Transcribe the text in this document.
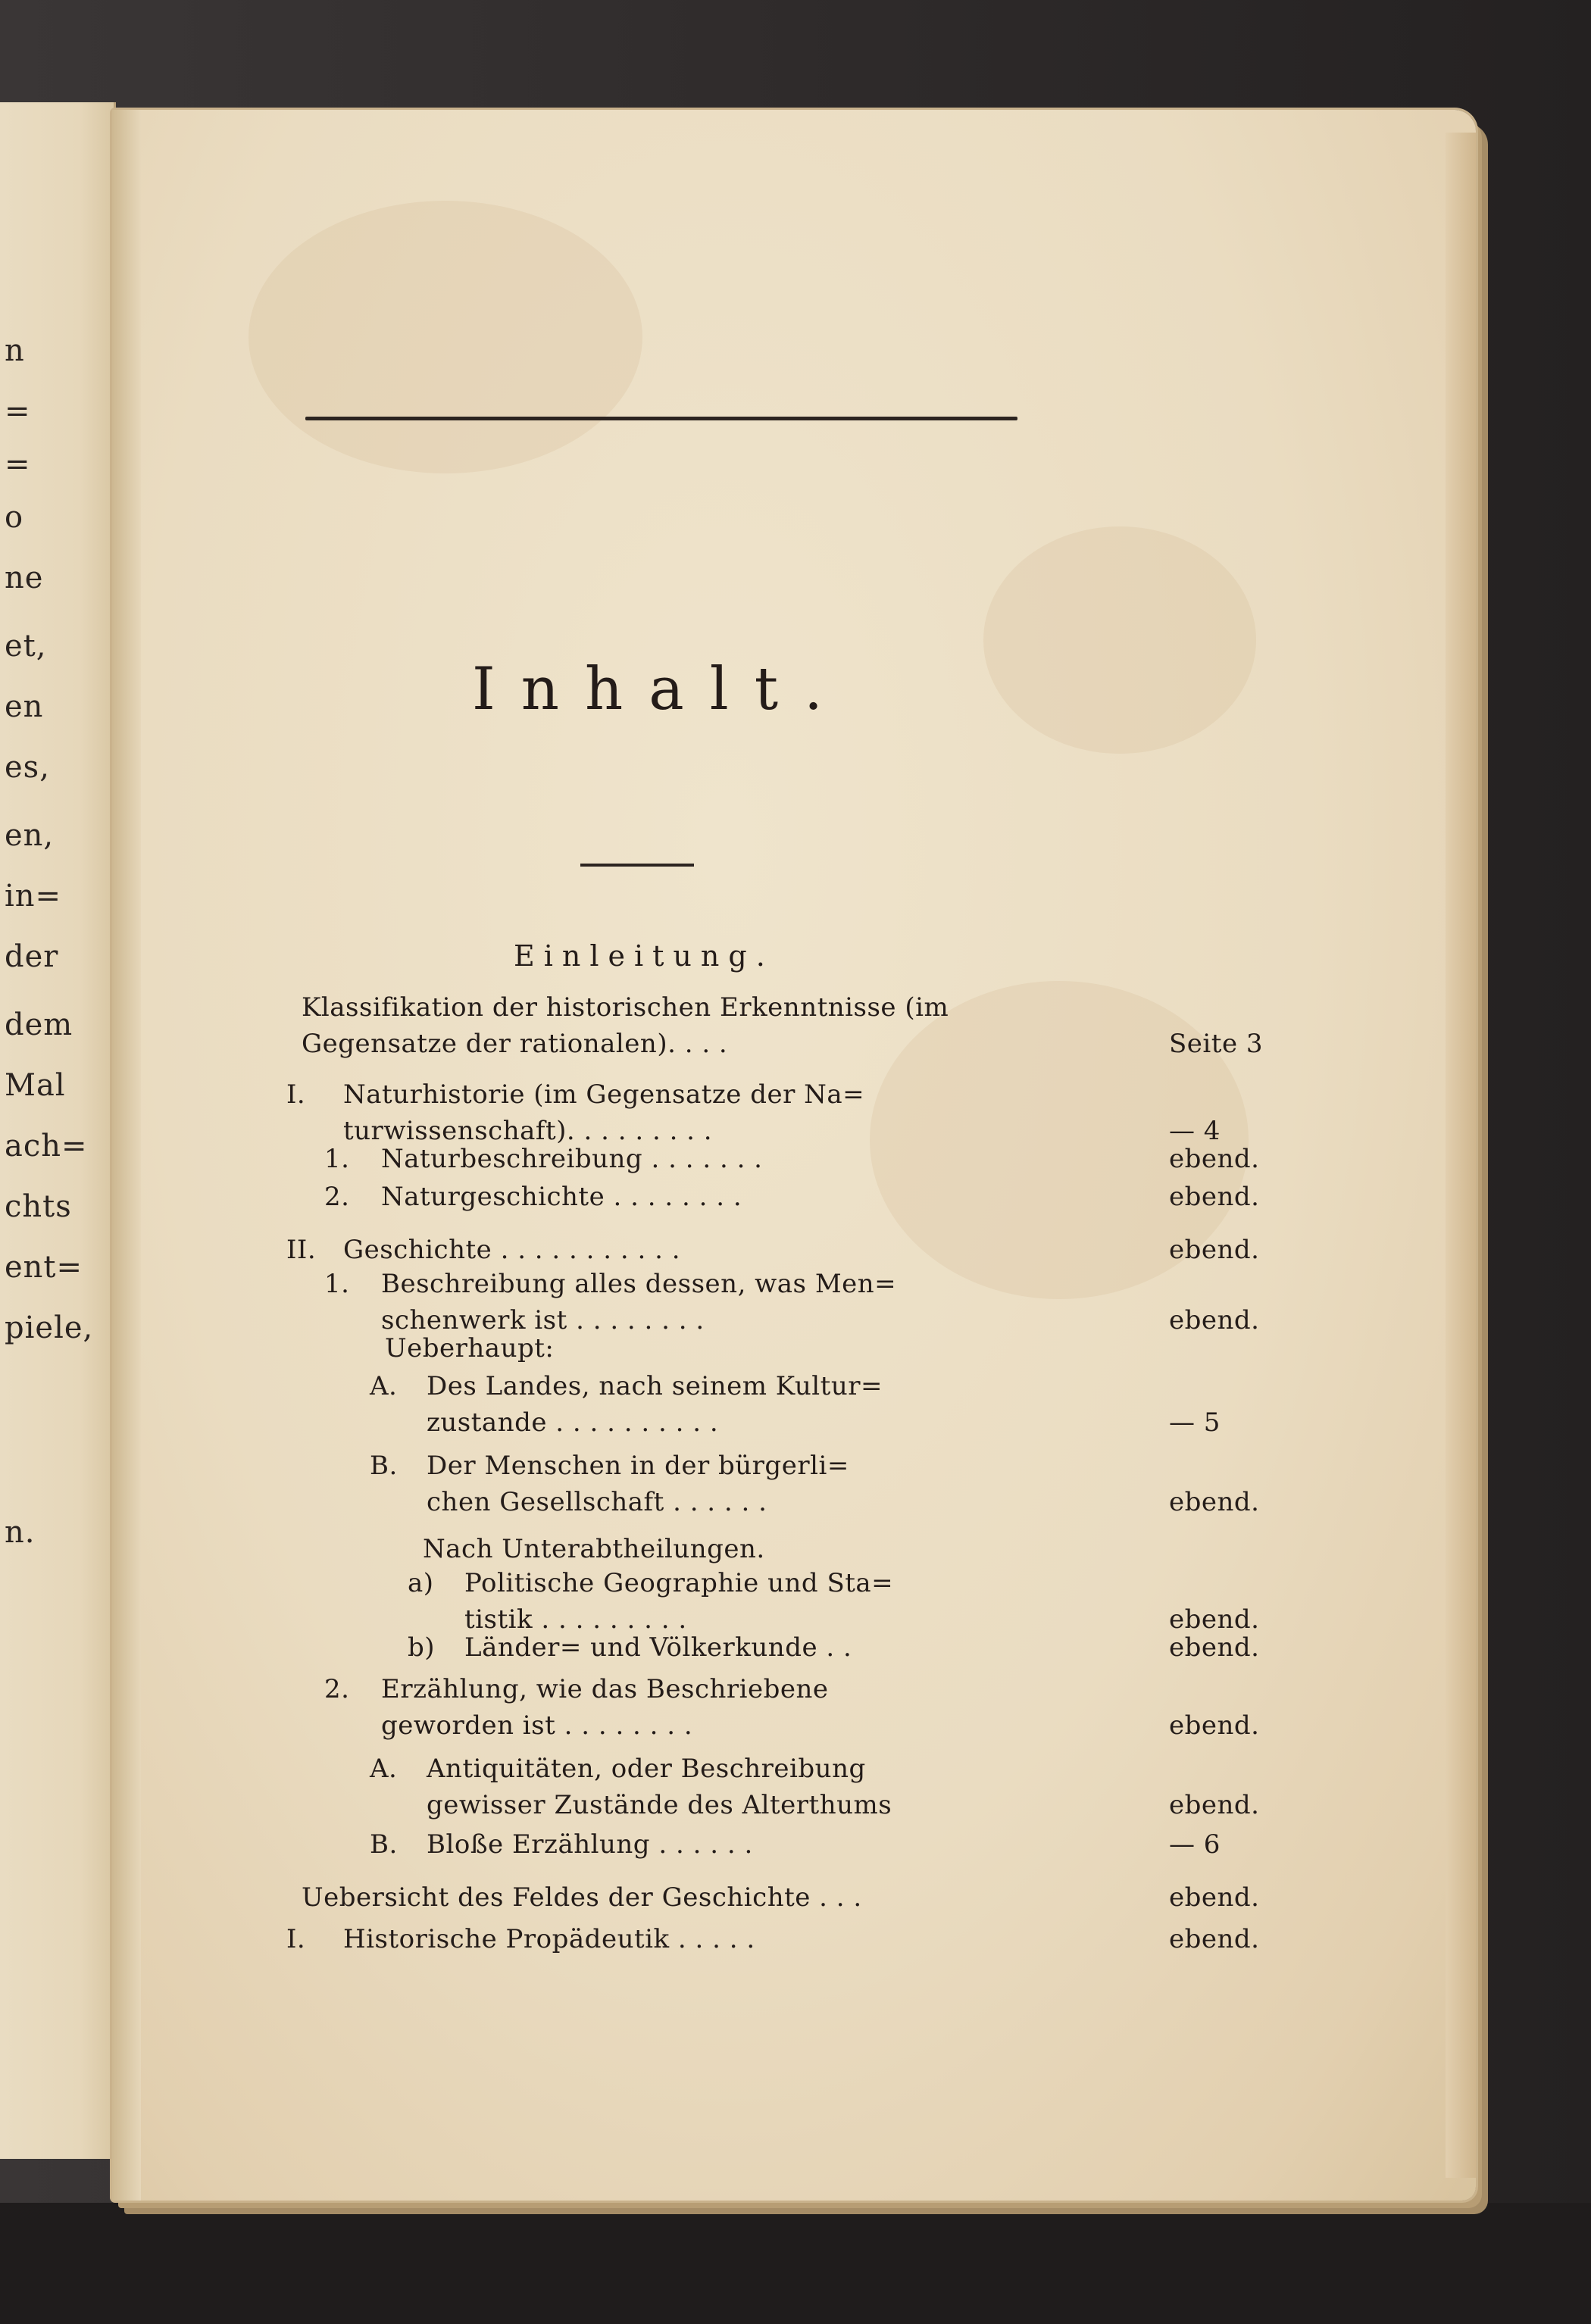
n
=
=
o
ne
et,
en
es,
en,
in=
der
dem
Mal
ach=
chts
ent=
piele,
n.
Inhalt.
Einleitung.
Klassifikation der historischen Erkenntnisse (im
Gegensatze der rationalen). . . .	Seite 3
I. Naturhistorie (im Gegensatze der Na=
turwissenschaft). . . . . . . . .	— 4
1. Naturbeschreibung . . . . . . .	ebend.
2. Naturgeschichte . . . . . . . .	ebend.
II. Geschichte . . . . . . . . . . .	ebend.
1. Beschreibung alles dessen, was Men=
schenwerk ist . . . . . . . .	ebend.
Ueberhaupt:
A. Des Landes, nach seinem Kultur=
zustande . . . . . . . . . .	— 5
B. Der Menschen in der bürgerli=
chen Gesellschaft . . . . . .	ebend.
Nach Unterabtheilungen.
a) Politische Geographie und Sta=
tistik . . . . . . . . .	ebend.
b) Länder= und Völkerkunde . .	ebend.
2. Erzählung, wie das Beschriebene
geworden ist . . . . . . . .	ebend.
A. Antiquitäten, oder Beschreibung
gewisser Zustände des Alterthums	ebend.
B. Bloße Erzählung . . . . . .	— 6
Uebersicht des Feldes der Geschichte . . .	ebend.
I. Historische Propädeutik . . . . .	ebend.
